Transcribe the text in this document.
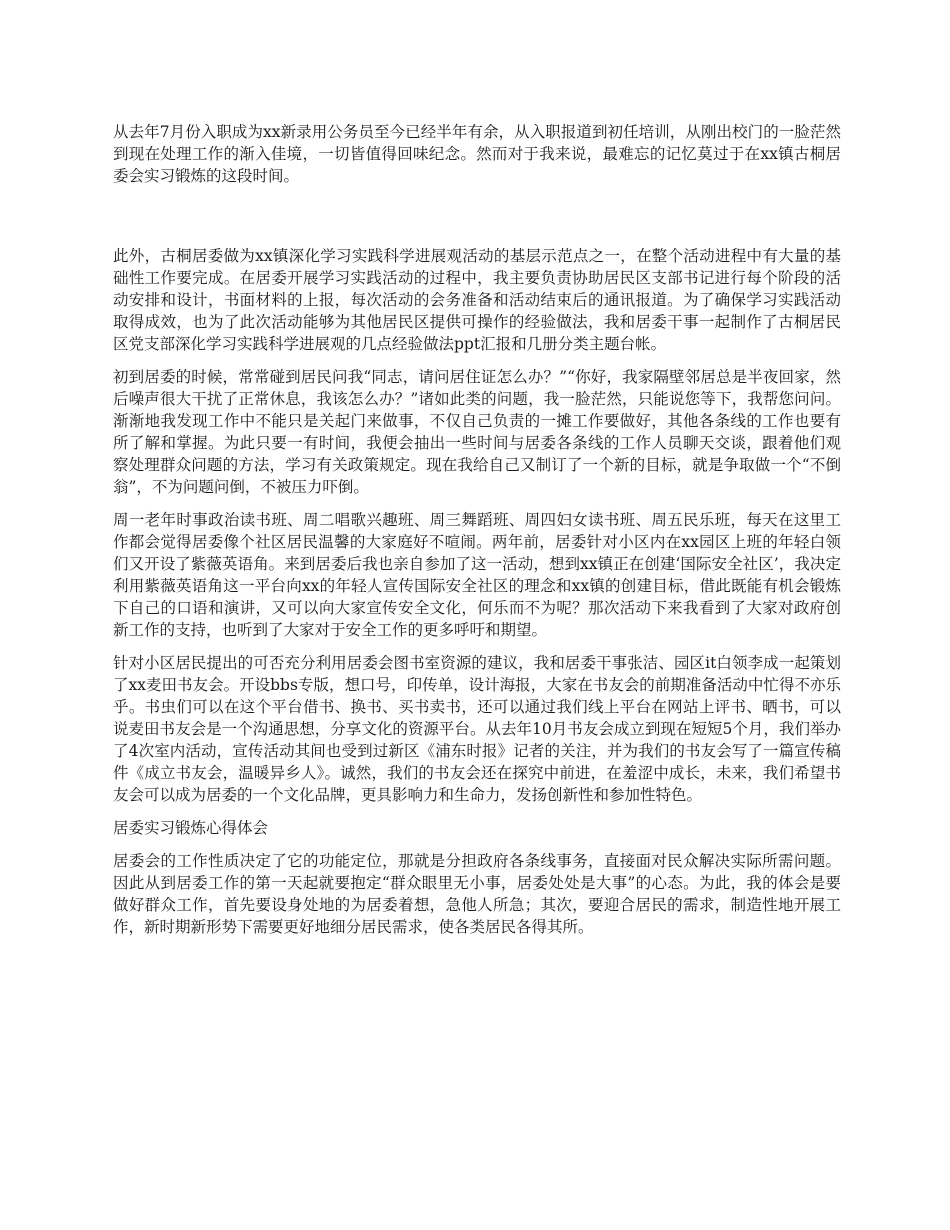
从去年7月份入职成为xx新录用公务员至今已经半年有余，从入职报道到初任培训，从刚出校门的一脸茫然到现在处理工作的渐入佳境，一切皆值得回味纪念。然而对于我来说，最难忘的记忆莫过于在xx镇古桐居委会实习锻炼的这段时间。

此外，古桐居委做为xx镇深化学习实践科学进展观活动的基层示范点之一，在整个活动进程中有大量的基础性工作要完成。在居委开展学习实践活动的过程中，我主要负责协助居民区支部书记进行每个阶段的活动安排和设计，书面材料的上报，每次活动的会务准备和活动结束后的通讯报道。为了确保学习实践活动取得成效，也为了此次活动能够为其他居民区提供可操作的经验做法，我和居委干事一起制作了古桐居民区党支部深化学习实践科学进展观的几点经验做法ppt汇报和几册分类主题台帐。

初到居委的时候，常常碰到居民问我“同志，请问居住证怎么办？”“你好，我家隔壁邻居总是半夜回家，然后噪声很大干扰了正常休息，我该怎么办？”诸如此类的问题，我一脸茫然，只能说您等下，我帮您问问。渐渐地我发现工作中不能只是关起门来做事，不仅自己负责的一摊工作要做好，其他各条线的工作也要有所了解和掌握。为此只要一有时间，我便会抽出一些时间与居委各条线的工作人员聊天交谈，跟着他们观察处理群众问题的方法，学习有关政策规定。现在我给自己又制订了一个新的目标，就是争取做一个“不倒翁”，不为问题问倒，不被压力吓倒。

周一老年时事政治读书班、周二唱歌兴趣班、周三舞蹈班、周四妇女读书班、周五民乐班，每天在这里工作都会觉得居委像个社区居民温馨的大家庭好不喧闹。两年前，居委针对小区内在xx园区上班的年轻白领们又开设了紫薇英语角。来到居委后我也亲自参加了这一活动，想到xx镇正在创建‘国际安全社区’，我决定利用紫薇英语角这一平台向xx的年轻人宣传国际安全社区的理念和xx镇的创建目标，借此既能有机会锻炼下自己的口语和演讲，又可以向大家宣传安全文化，何乐而不为呢？那次活动下来我看到了大家对政府创新工作的支持，也听到了大家对于安全工作的更多呼吁和期望。

针对小区居民提出的可否充分利用居委会图书室资源的建议，我和居委干事张洁、园区it白领李成一起策划了xx麦田书友会。开设bbs专版，想口号，印传单，设计海报，大家在书友会的前期准备活动中忙得不亦乐乎。书虫们可以在这个平台借书、换书、买书卖书，还可以通过我们线上平台在网站上评书、晒书，可以说麦田书友会是一个沟通思想，分享文化的资源平台。从去年10月书友会成立到现在短短5个月，我们举办了4次室内活动，宣传活动其间也受到过新区《浦东时报》记者的关注，并为我们的书友会写了一篇宣传稿件《成立书友会，温暖异乡人》。诚然，我们的书友会还在探究中前进，在羞涩中成长，未来，我们希望书友会可以成为居委的一个文化品牌，更具影响力和生命力，发扬创新性和参加性特色。

居委实习锻炼心得体会

居委会的工作性质决定了它的功能定位，那就是分担政府各条线事务，直接面对民众解决实际所需问题。因此从到居委工作的第一天起就要抱定“群众眼里无小事，居委处处是大事”的心态。为此，我的体会是要做好群众工作，首先要设身处地的为居委着想，急他人所急；其次，要迎合居民的需求，制造性地开展工作，新时期新形势下需要更好地细分居民需求，使各类居民各得其所。
